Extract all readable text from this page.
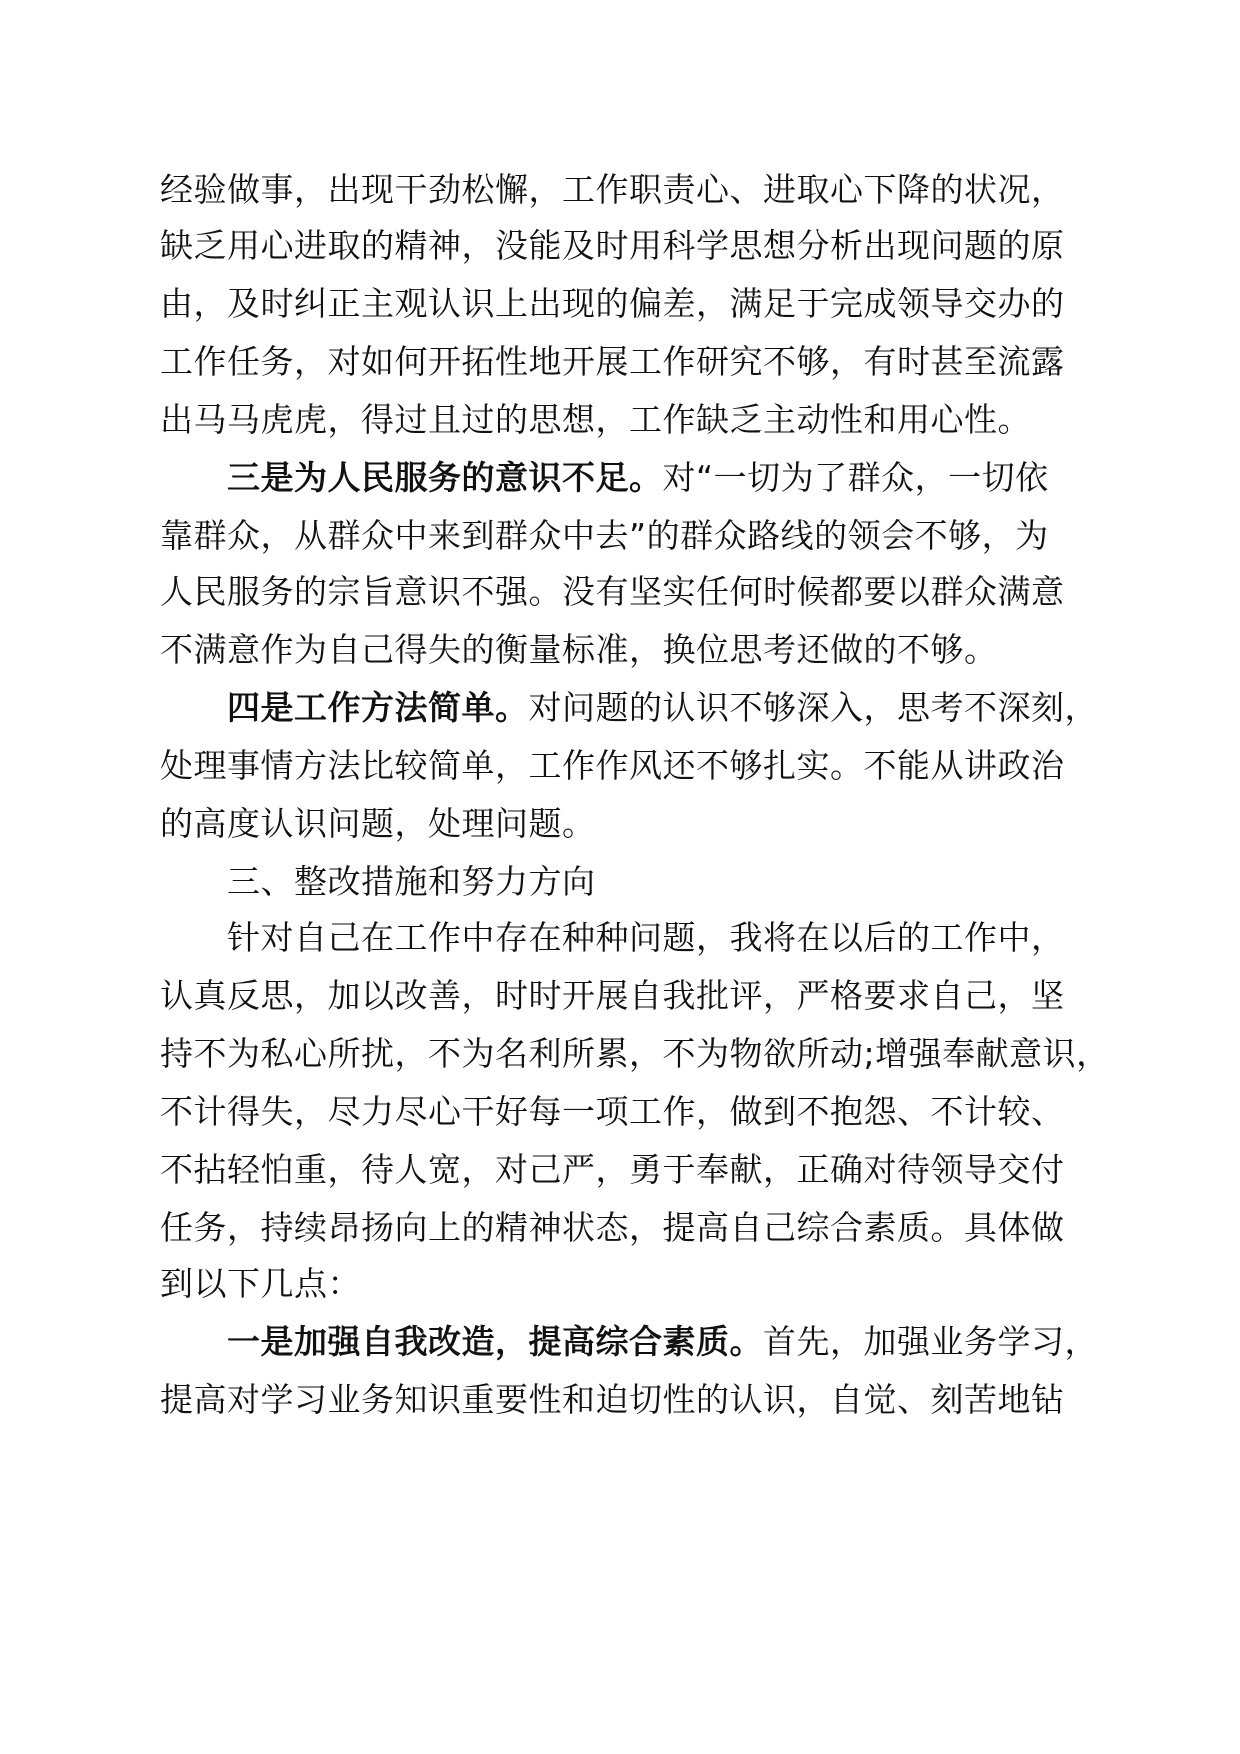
经验做事，出现干劲松懈，工作职责心、进取心下降的状况，
缺乏用心进取的精神，没能及时用科学思想分析出现问题的原
由，及时纠正主观认识上出现的偏差，满足于完成领导交办的
工作任务，对如何开拓性地开展工作研究不够，有时甚至流露
出马马虎虎，得过且过的思想，工作缺乏主动性和用心性。
三是为人民服务的意识不足。对“一切为了群众，一切依
靠群众，从群众中来到群众中去”的群众路线的领会不够，为
人民服务的宗旨意识不强。没有坚实任何时候都要以群众满意
不满意作为自己得失的衡量标准，换位思考还做的不够。
四是工作方法简单。对问题的认识不够深入，思考不深刻，
处理事情方法比较简单，工作作风还不够扎实。不能从讲政治
的高度认识问题，处理问题。
三、整改措施和努力方向
针对自己在工作中存在种种问题，我将在以后的工作中，
认真反思，加以改善，时时开展自我批评，严格要求自己，坚
持不为私心所扰，不为名利所累，不为物欲所动;增强奉献意识，
不计得失，尽力尽心干好每一项工作，做到不抱怨、不计较、
不拈轻怕重，待人宽，对己严，勇于奉献，正确对待领导交付
任务，持续昂扬向上的精神状态，提高自己综合素质。具体做
到以下几点：
一是加强自我改造，提高综合素质。首先，加强业务学习，
提高对学习业务知识重要性和迫切性的认识，自觉、刻苦地钻
